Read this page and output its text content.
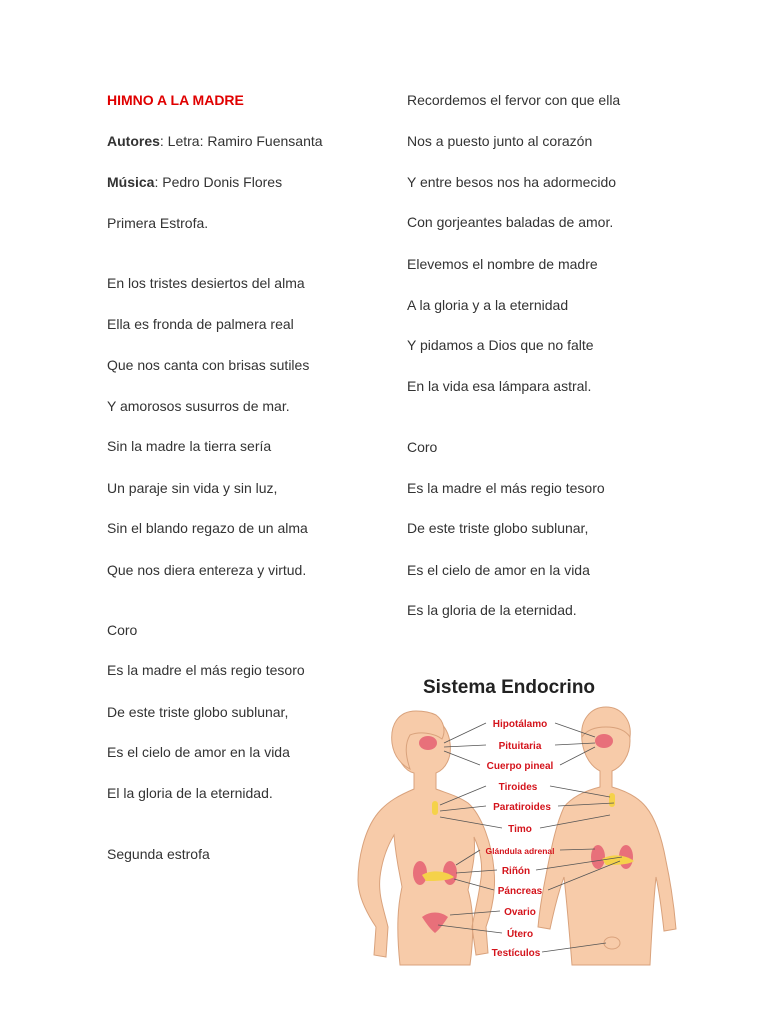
HIMNO A LA MADRE

Autores: Letra: Ramiro Fuensanta

Música: Pedro Donis Flores

Primera Estrofa.

En los tristes desiertos del alma

Ella es fronda de palmera real

Que nos canta con brisas sutiles

Y amorosos susurros de mar.

Sin la madre la tierra sería

Un paraje sin vida y sin luz,

Sin el blando regazo de un alma

Que nos diera entereza y virtud.

Coro

Es la madre el más regio tesoro

De este triste globo sublunar,

Es el cielo de amor en la vida

El la gloria de la eternidad.

Segunda estrofa

Recordemos el fervor con que ella

Nos a puesto junto al corazón

Y entre besos nos ha adormecido

Con gorjeantes baladas de amor.

Elevemos el nombre de madre

A la gloria y a la eternidad

Y pidamos a Dios que no falte

En la vida esa lámpara astral.

Coro

Es la madre el más regio tesoro

De este triste globo sublunar,

Es el cielo de amor en la vida

Es la gloria de la eternidad.

Sistema Endocrino
Hipotálamo
Pituitaria
Cuerpo pineal
Tiroides
Paratiroides
Timo
Glándula adrenal
Riñón
Páncreas
Ovario
Útero
Testículos
